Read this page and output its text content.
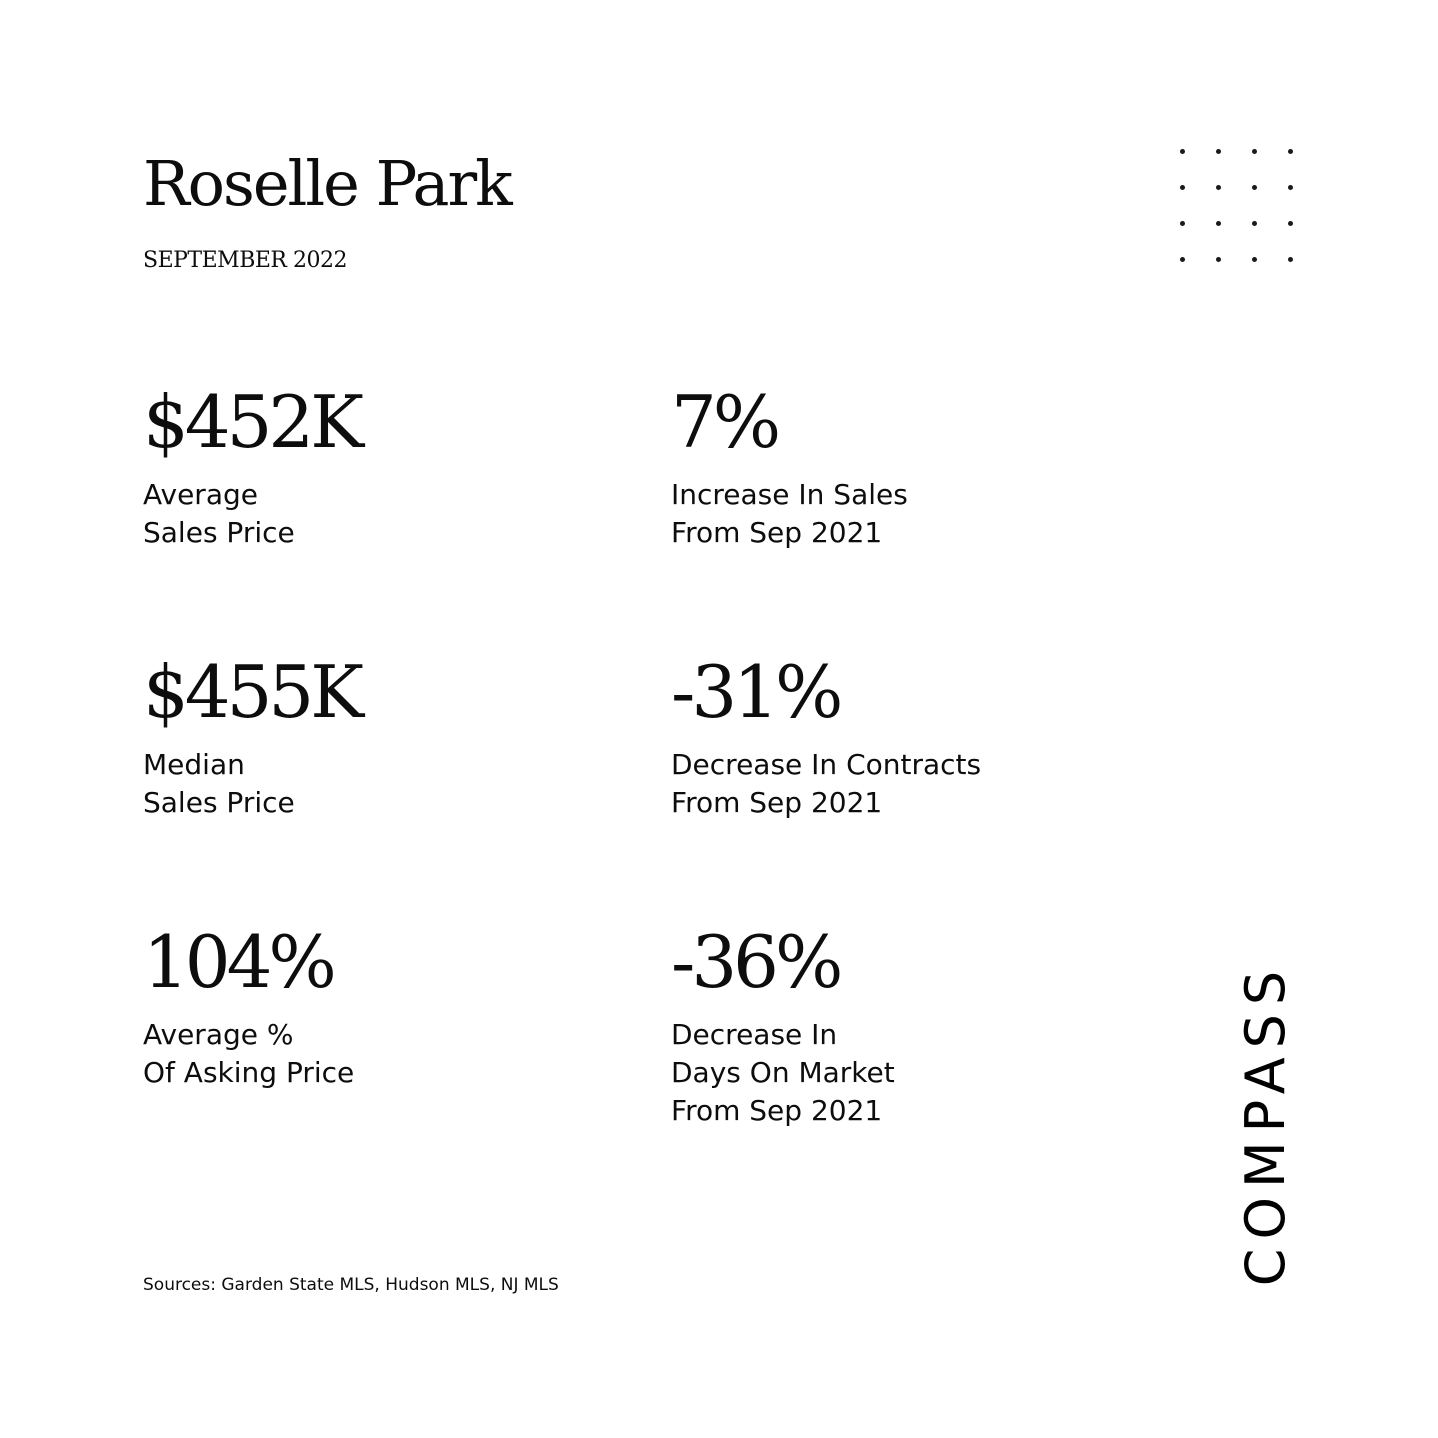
Roselle Park
SEPTEMBER 2022
$452K
Average
Sales Price
7%
Increase In Sales
From Sep 2021
$455K
Median
Sales Price
-31%
Decrease In Contracts
From Sep 2021
104%
Average %
Of Asking Price
-36%
Decrease In
Days On Market
From Sep 2021
Sources: Garden State MLS, Hudson MLS, NJ MLS	COMPASS
